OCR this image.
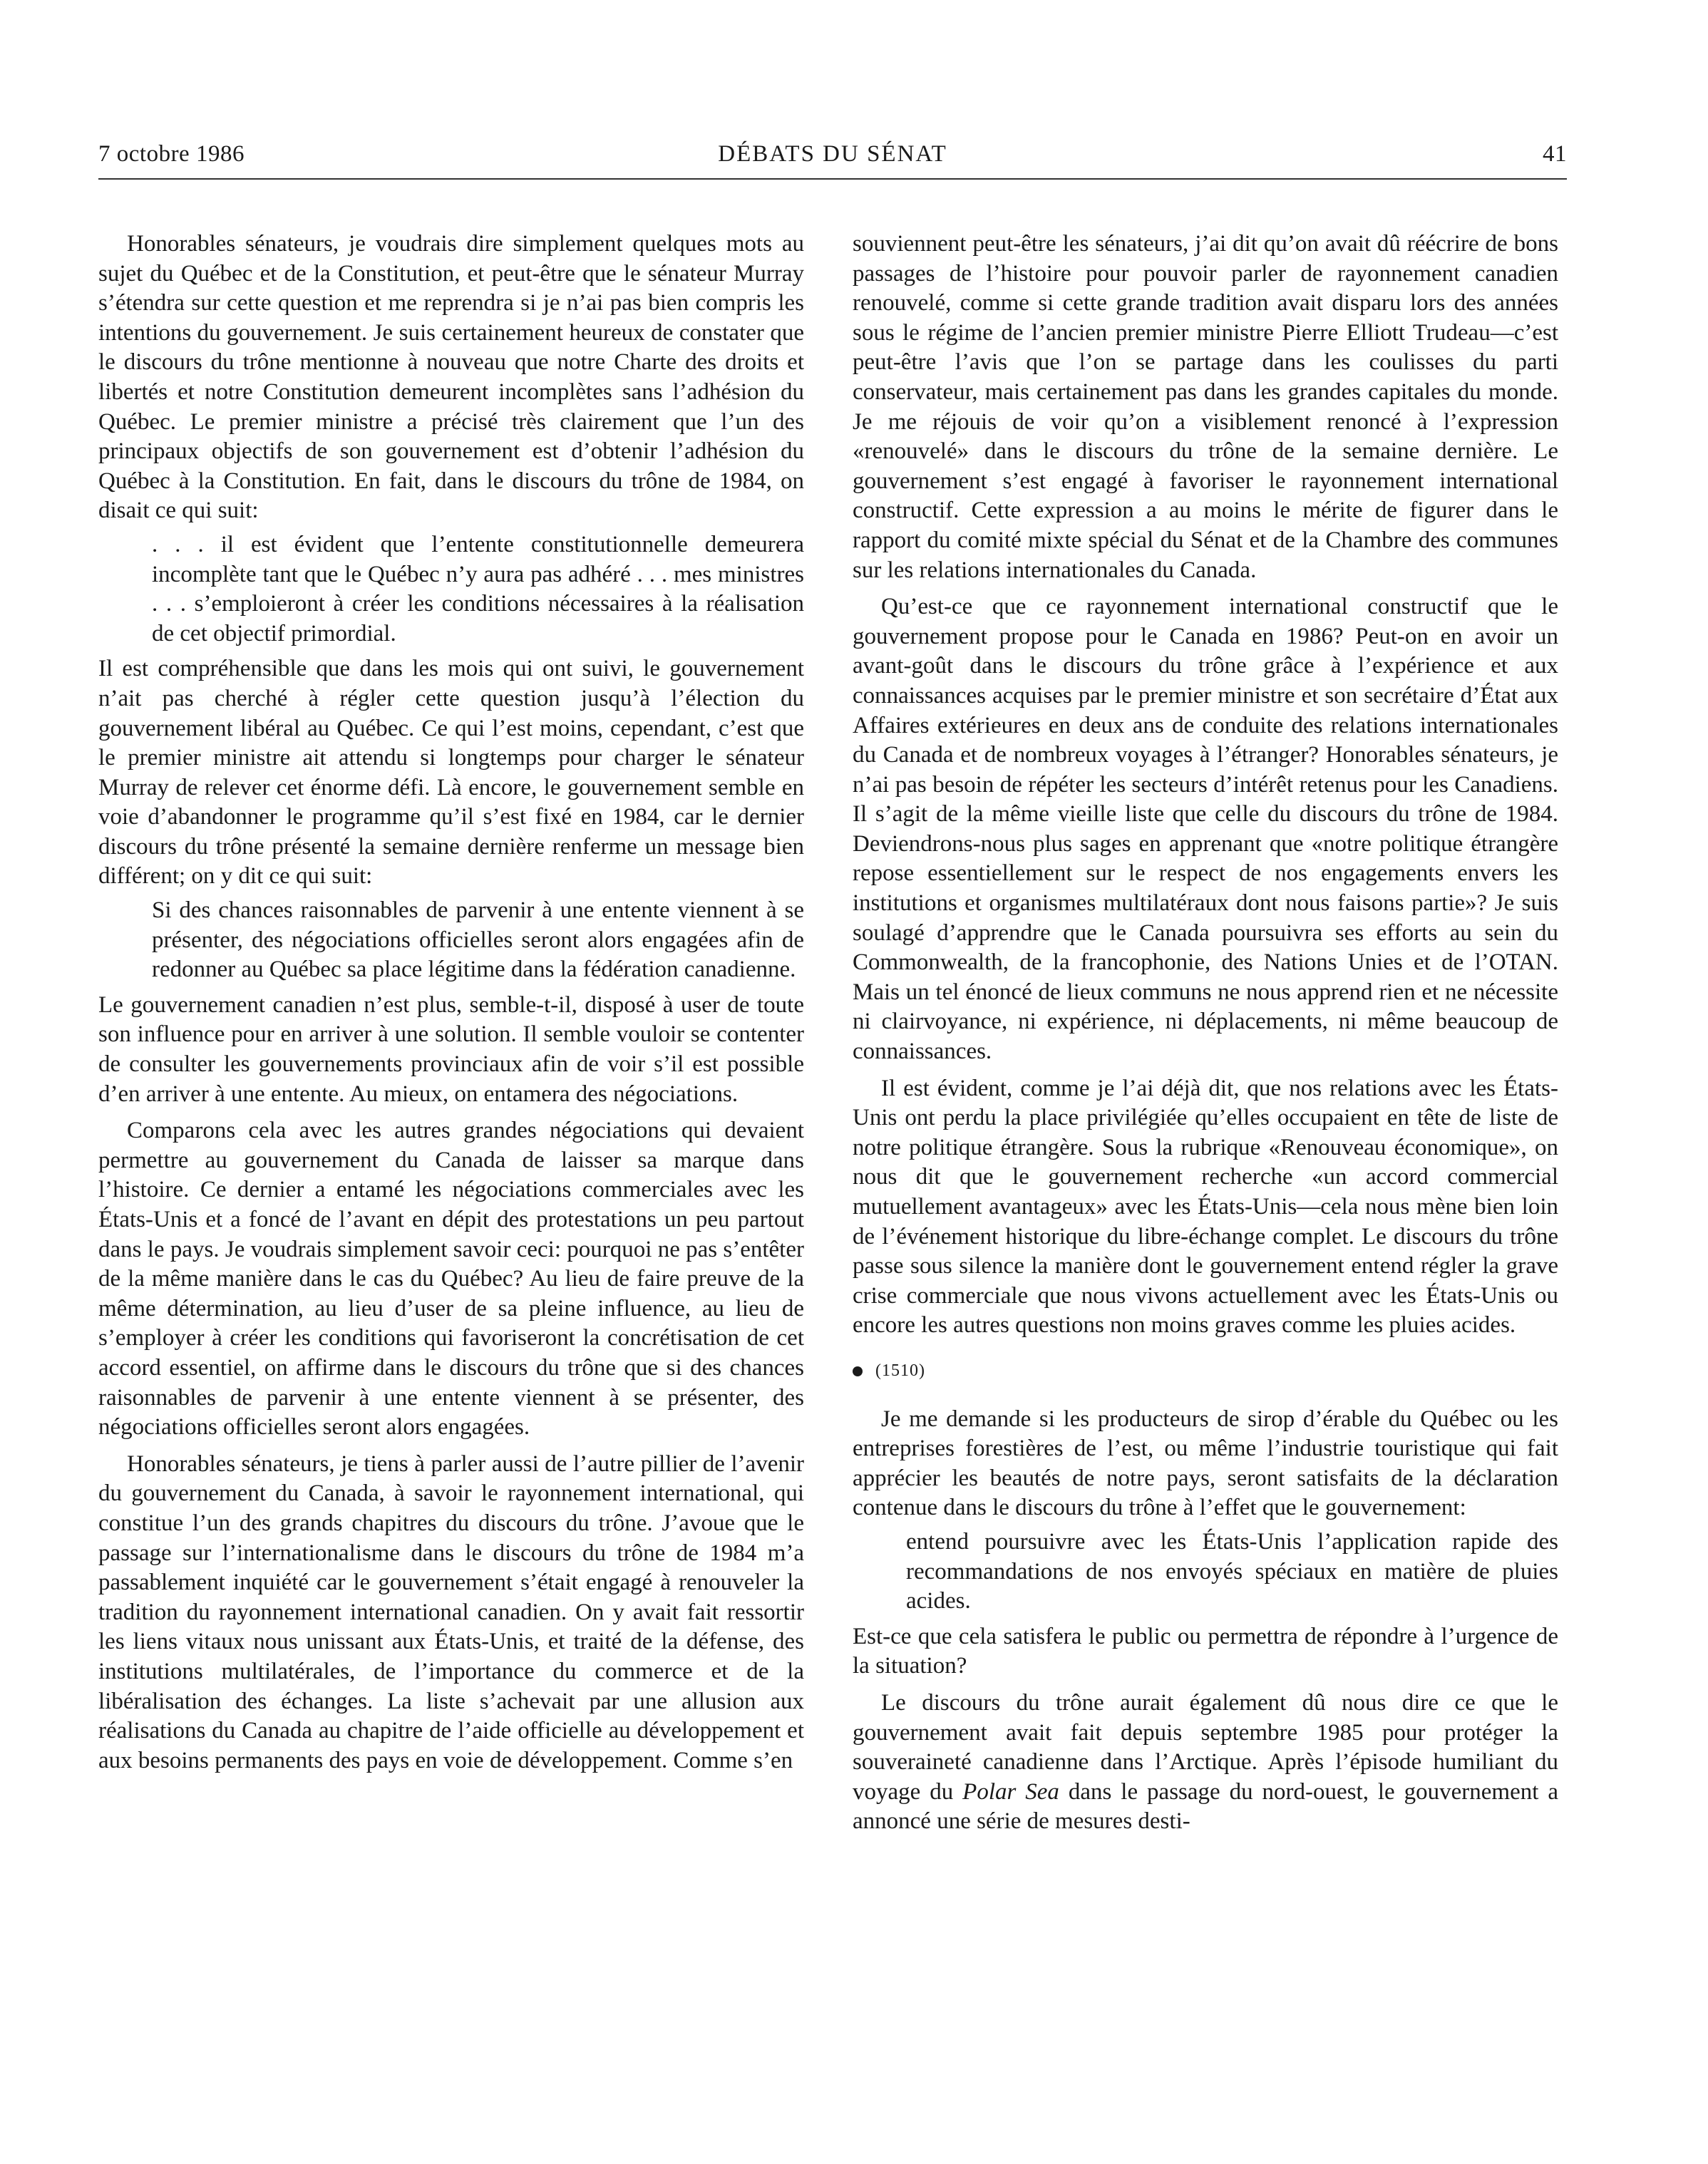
7 octobre 1986	DÉBATS DU SÉNAT	41

Honorables sénateurs, je voudrais dire simplement quelques mots au sujet du Québec et de la Constitution, et peut-être que le sénateur Murray s’étendra sur cette question et me reprendra si je n’ai pas bien compris les intentions du gouvernement. Je suis certainement heureux de constater que le discours du trône mentionne à nouveau que notre Charte des droits et libertés et notre Constitution demeurent incomplètes sans l’adhésion du Québec. Le premier ministre a précisé très clairement que l’un des principaux objectifs de son gouvernement est d’obtenir l’adhésion du Québec à la Constitution. En fait, dans le discours du trône de 1984, on disait ce qui suit:

. . . il est évident que l’entente constitutionnelle demeurera incomplète tant que le Québec n’y aura pas adhéré . . . mes ministres . . . s’emploieront à créer les conditions nécessaires à la réalisation de cet objectif primordial.

Il est compréhensible que dans les mois qui ont suivi, le gouvernement n’ait pas cherché à régler cette question jusqu’à l’élection du gouvernement libéral au Québec. Ce qui l’est moins, cependant, c’est que le premier ministre ait attendu si longtemps pour charger le sénateur Murray de relever cet énorme défi. Là encore, le gouvernement semble en voie d’abandonner le programme qu’il s’est fixé en 1984, car le dernier discours du trône présenté la semaine dernière renferme un message bien différent; on y dit ce qui suit:

Si des chances raisonnables de parvenir à une entente viennent à se présenter, des négociations officielles seront alors engagées afin de redonner au Québec sa place légitime dans la fédération canadienne.

Le gouvernement canadien n’est plus, semble-t-il, disposé à user de toute son influence pour en arriver à une solution. Il semble vouloir se contenter de consulter les gouvernements provinciaux afin de voir s’il est possible d’en arriver à une entente. Au mieux, on entamera des négociations.

Comparons cela avec les autres grandes négociations qui devaient permettre au gouvernement du Canada de laisser sa marque dans l’histoire. Ce dernier a entamé les négociations commerciales avec les États-Unis et a foncé de l’avant en dépit des protestations un peu partout dans le pays. Je voudrais simplement savoir ceci: pourquoi ne pas s’entêter de la même manière dans le cas du Québec? Au lieu de faire preuve de la même détermination, au lieu d’user de sa pleine influence, au lieu de s’employer à créer les conditions qui favoriseront la concrétisation de cet accord essentiel, on affirme dans le discours du trône que si des chances raisonnables de parvenir à une entente viennent à se présenter, des négociations officielles seront alors engagées.

Honorables sénateurs, je tiens à parler aussi de l’autre pillier de l’avenir du gouvernement du Canada, à savoir le rayonnement international, qui constitue l’un des grands chapitres du discours du trône. J’avoue que le passage sur l’internationalisme dans le discours du trône de 1984 m’a passablement inquiété car le gouvernement s’était engagé à renouveler la tradition du rayonnement international canadien. On y avait fait ressortir les liens vitaux nous unissant aux États-Unis, et traité de la défense, des institutions multilatérales, de l’importance du commerce et de la libéralisation des échanges. La liste s’achevait par une allusion aux réalisations du Canada au chapitre de l’aide officielle au développement et aux besoins permanents des pays en voie de développement. Comme s’en

souviennent peut-être les sénateurs, j’ai dit qu’on avait dû réécrire de bons passages de l’histoire pour pouvoir parler de rayonnement canadien renouvelé, comme si cette grande tradition avait disparu lors des années sous le régime de l’ancien premier ministre Pierre Elliott Trudeau—c’est peut-être l’avis que l’on se partage dans les coulisses du parti conservateur, mais certainement pas dans les grandes capitales du monde. Je me réjouis de voir qu’on a visiblement renoncé à l’expression «renouvelé» dans le discours du trône de la semaine dernière. Le gouvernement s’est engagé à favoriser le rayonnement international constructif. Cette expression a au moins le mérite de figurer dans le rapport du comité mixte spécial du Sénat et de la Chambre des communes sur les relations internationales du Canada.

Qu’est-ce que ce rayonnement international constructif que le gouvernement propose pour le Canada en 1986? Peut-on en avoir un avant-goût dans le discours du trône grâce à l’expérience et aux connaissances acquises par le premier ministre et son secrétaire d’État aux Affaires extérieures en deux ans de conduite des relations internationales du Canada et de nombreux voyages à l’étranger? Honorables sénateurs, je n’ai pas besoin de répéter les secteurs d’intérêt retenus pour les Canadiens. Il s’agit de la même vieille liste que celle du discours du trône de 1984. Deviendrons-nous plus sages en apprenant que «notre politique étrangère repose essentiellement sur le respect de nos engagements envers les institutions et organismes multilatéraux dont nous faisons partie»? Je suis soulagé d’apprendre que le Canada poursuivra ses efforts au sein du Commonwealth, de la francophonie, des Nations Unies et de l’OTAN. Mais un tel énoncé de lieux communs ne nous apprend rien et ne nécessite ni clairvoyance, ni expérience, ni déplacements, ni même beaucoup de connaissances.

Il est évident, comme je l’ai déjà dit, que nos relations avec les États-Unis ont perdu la place privilégiée qu’elles occupaient en tête de liste de notre politique étrangère. Sous la rubrique «Renouveau économique», on nous dit que le gouvernement recherche «un accord commercial mutuellement avantageux» avec les États-Unis—cela nous mène bien loin de l’événement historique du libre-échange complet. Le discours du trône passe sous silence la manière dont le gouvernement entend régler la grave crise commerciale que nous vivons actuellement avec les États-Unis ou encore les autres questions non moins graves comme les pluies acides.

(1510)

Je me demande si les producteurs de sirop d’érable du Québec ou les entreprises forestières de l’est, ou même l’industrie touristique qui fait apprécier les beautés de notre pays, seront satisfaits de la déclaration contenue dans le discours du trône à l’effet que le gouvernement:

entend poursuivre avec les États-Unis l’application rapide des recommandations de nos envoyés spéciaux en matière de pluies acides.

Est-ce que cela satisfera le public ou permettra de répondre à l’urgence de la situation?

Le discours du trône aurait également dû nous dire ce que le gouvernement avait fait depuis septembre 1985 pour protéger la souveraineté canadienne dans l’Arctique. Après l’épisode humiliant du voyage du Polar Sea dans le passage du nord-ouest, le gouvernement a annoncé une série de mesures desti-
